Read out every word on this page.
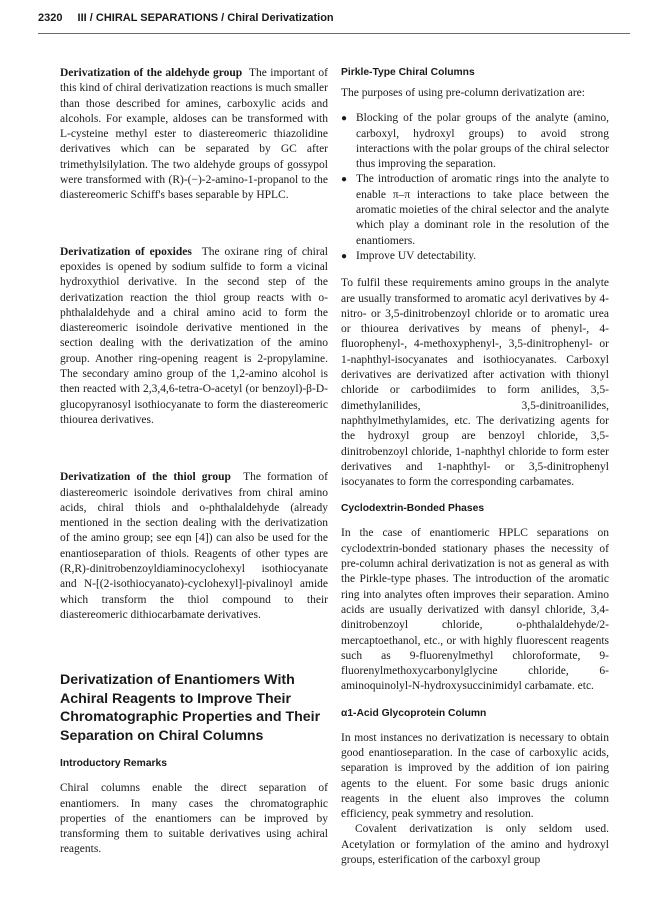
2320 III / CHIRAL SEPARATIONS / Chiral Derivatization

Derivatization of the aldehyde group The important of this kind of chiral derivatization reactions is much smaller than those described for amines, carboxylic acids and alcohols. For example, aldoses can be transformed with L-cysteine methyl ester to diastereomeric thiazolidine derivatives which can be separated by GC after trimethylsilylation. The two aldehyde groups of gossypol were transformed with (R)-(−)-2-amino-1-propanol to the diastereomeric Schiff's bases separable by HPLC.

Derivatization of epoxides The oxirane ring of chiral epoxides is opened by sodium sulfide to form a vicinal hydroxythiol derivative. In the second step of the derivatization reaction the thiol group reacts with o-phthalaldehyde and a chiral amino acid to form the diastereomeric isoindole derivative mentioned in the section dealing with the derivatization of the amino group. Another ring-opening reagent is 2-propylamine. The secondary amino group of the 1,2-amino alcohol is then reacted with 2,3,4,6-tetra-O-acetyl (or benzoyl)-β-D-glucopyranosyl isothiocyanate to form the diastereomeric thiourea derivatives.

Derivatization of the thiol group The formation of diastereomeric isoindole derivatives from chiral amino acids, chiral thiols and o-phthalaldehyde (already mentioned in the section dealing with the derivatization of the amino group; see eqn [4]) can also be used for the enantioseparation of thiols. Reagents of other types are (R,R)-dinitrobenzoyldiaminocyclohexyl isothiocyanate and N-[(2-isothiocyanato)-cyclohexyl]-pivalinoyl amide which transform the thiol compound to their diastereomeric dithiocarbamate derivatives.

Derivatization of Enantiomers With Achiral Reagents to Improve Their Chromatographic Properties and Their Separation on Chiral Columns
Introductory Remarks

Chiral columns enable the direct separation of enantiomers. In many cases the chromatographic properties of the enantiomers can be improved by transforming them to suitable derivatives using achiral reagents.

Pirkle-Type Chiral Columns

The purposes of using pre-column derivatization are:

● Blocking of the polar groups of the analyte (amino, carboxyl, hydroxyl groups) to avoid strong interactions with the polar groups of the chiral selector thus improving the separation.
● The introduction of aromatic rings into the analyte to enable π–π interactions to take place between the aromatic moieties of the chiral selector and the analyte which play a dominant role in the resolution of the enantiomers.
● Improve UV detectability.

To fulfil these requirements amino groups in the analyte are usually transformed to aromatic acyl derivatives by 4-nitro- or 3,5-dinitrobenzoyl chloride or to aromatic urea or thiourea derivatives by means of phenyl-, 4-fluorophenyl-, 4-methoxyphenyl-, 3,5-dinitrophenyl- or 1-naphthyl-isocyanates and isothiocyanates. Carboxyl derivatives are derivatized after activation with thionyl chloride or carbodiimides to form anilides, 3,5-dimethylanilides, 3,5-dinitroanilides, naphthylmethylamides, etc. The derivatizing agents for the hydroxyl group are benzoyl chloride, 3,5-dinitrobenzoyl chloride, 1-naphthyl chloride to form ester derivatives and 1-naphthyl- or 3,5-dinitrophenyl isocyanates to form the corresponding carbamates.

Cyclodextrin-Bonded Phases

In the case of enantiomeric HPLC separations on cyclodextrin-bonded stationary phases the necessity of pre-column achiral derivatization is not as general as with the Pirkle-type phases. The introduction of the aromatic ring into analytes often improves their separation. Amino acids are usually derivatized with dansyl chloride, 3,4-dinitrobenzoyl chloride, o-phthalaldehyde/2-mercaptoethanol, etc., or with highly fluorescent reagents such as 9-fluorenylmethyl chloroformate, 9-fluorenylmethoxycarbonylglycine chloride, 6-aminoquinolyl-N-hydroxysuccinimidyl carbamate. etc.

α1-Acid Glycoprotein Column

In most instances no derivatization is necessary to obtain good enantioseparation. In the case of carboxylic acids, separation is improved by the addition of ion pairing agents to the eluent. For some basic drugs anionic reagents in the eluent also improves the column efficiency, peak symmetry and resolution.

Covalent derivatization is only seldom used. Acetylation or formylation of the amino and hydroxyl groups, esterification of the carboxyl group
